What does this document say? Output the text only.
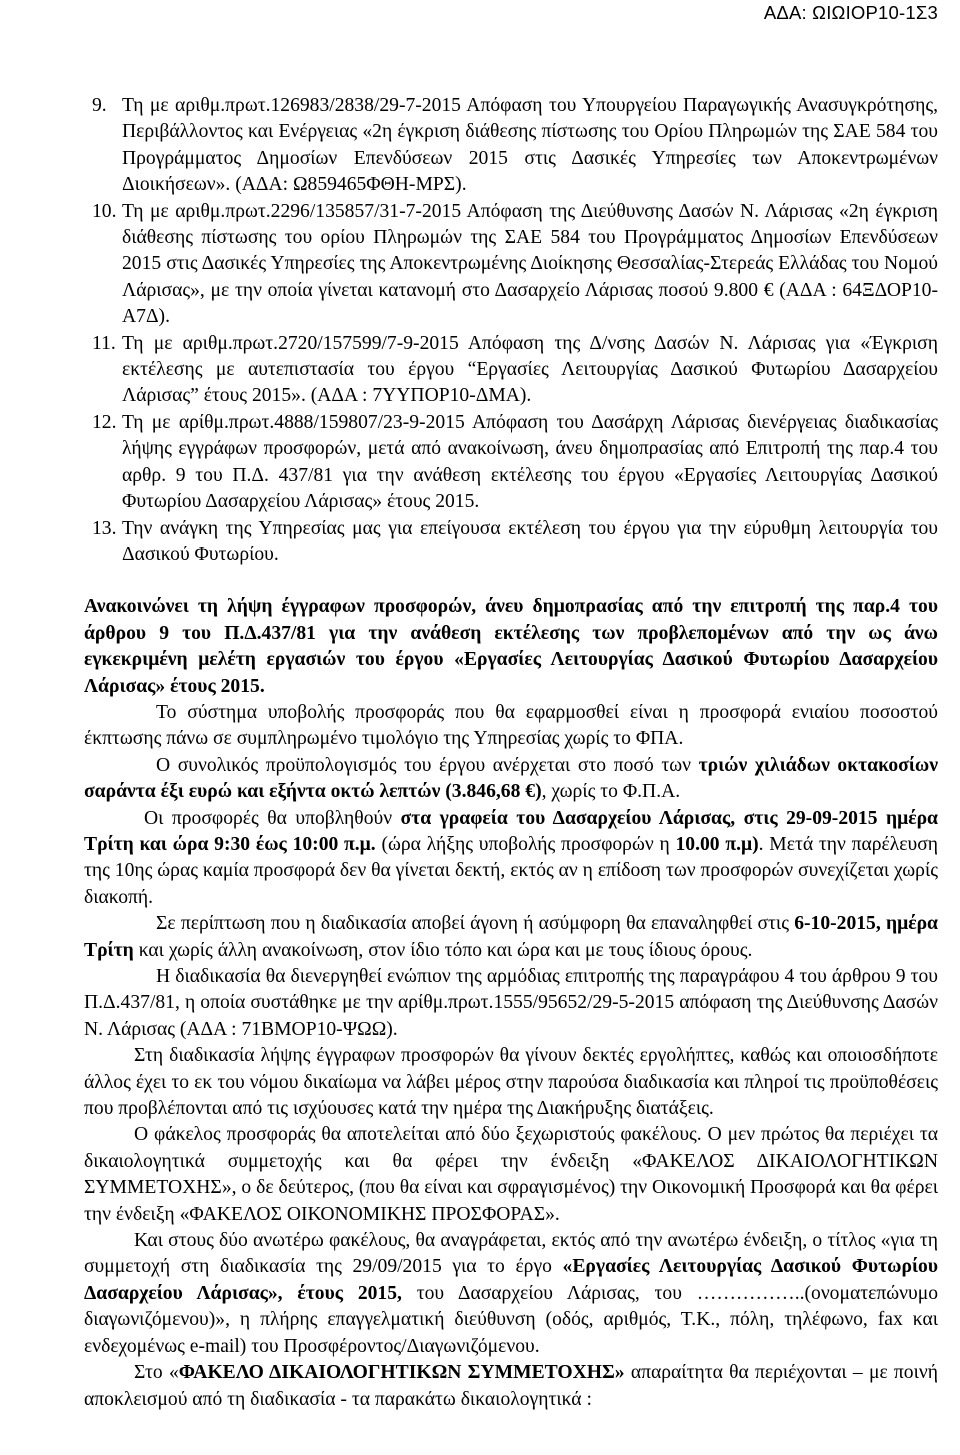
ΑΔΑ: ΩΙΩΙΟΡ10-1Σ3

9. Τη με αριθμ.πρωτ.126983/2838/29-7-2015 Απόφαση του Υπουργείου Παραγωγικής Ανασυγκρότησης, Περιβάλλοντος και Ενέργειας «2η έγκριση διάθεσης πίστωσης του Ορίου Πληρωμών της ΣΑΕ 584 του Προγράμματος Δημοσίων Επενδύσεων 2015 στις Δασικές Υπηρεσίες των Αποκεντρωμένων Διοικήσεων». (ΑΔΑ: Ω859465ΦΘΗ-ΜΡΣ).

10. Τη με αριθμ.πρωτ.2296/135857/31-7-2015 Απόφαση της Διεύθυνσης Δασών Ν. Λάρισας «2η έγκριση διάθεσης πίστωσης του ορίου Πληρωμών της ΣΑΕ 584 του Προγράμματος Δημοσίων Επενδύσεων 2015 στις Δασικές Υπηρεσίες της Αποκεντρωμένης Διοίκησης Θεσσαλίας-Στερεάς Ελλάδας του Νομού Λάρισας», με την οποία γίνεται κατανομή στο Δασαρχείο Λάρισας ποσού 9.800 € (ΑΔΑ : 64ΞΔΟΡ10-Α7Δ).

11. Τη με αριθμ.πρωτ.2720/157599/7-9-2015 Απόφαση της Δ/νσης Δασών Ν. Λάρισας για «Έγκριση εκτέλεσης με αυτεπιστασία του έργου “Εργασίες Λειτουργίας Δασικού Φυτωρίου Δασαρχείου Λάρισας” έτους 2015». (ΑΔΑ : 7ΥΥΠΟΡ10-ΔΜΑ).

12. Τη με αρίθμ.πρωτ.4888/159807/23-9-2015 Απόφαση του Δασάρχη Λάρισας διενέργειας διαδικασίας λήψης εγγράφων προσφορών, μετά από ανακοίνωση, άνευ δημοπρασίας από Επιτροπή της παρ.4 του αρθρ. 9 του Π.Δ. 437/81 για την ανάθεση εκτέλεσης του έργου «Εργασίες Λειτουργίας Δασικού Φυτωρίου Δασαρχείου Λάρισας» έτους 2015.

13. Την ανάγκη της Υπηρεσίας μας για επείγουσα εκτέλεση του έργου για την εύρυθμη λειτουργία του Δασικού Φυτωρίου.

Ανακοινώνει τη λήψη έγγραφων προσφορών, άνευ δημοπρασίας από την επιτροπή της παρ.4 του άρθρου 9 του Π.Δ.437/81 για την ανάθεση εκτέλεσης των προβλεπομένων από την ως άνω εγκεκριμένη μελέτη εργασιών του έργου «Εργασίες Λειτουργίας Δασικού Φυτωρίου Δασαρχείου Λάρισας» έτους 2015.

Το σύστημα υποβολής προσφοράς που θα εφαρμοσθεί είναι η προσφορά ενιαίου ποσοστού έκπτωσης πάνω σε συμπληρωμένο τιμολόγιο της Υπηρεσίας χωρίς το ΦΠΑ.

Ο συνολικός προϋπολογισμός του έργου ανέρχεται στο ποσό των τριών χιλιάδων οκτακοσίων σαράντα έξι ευρώ και εξήντα οκτώ λεπτών (3.846,68 €), χωρίς το Φ.Π.Α.

Οι προσφορές θα υποβληθούν στα γραφεία του Δασαρχείου Λάρισας, στις 29-09-2015 ημέρα Τρίτη και ώρα 9:30 έως 10:00 π.μ. (ώρα λήξης υποβολής προσφορών η 10.00 π.μ). Μετά την παρέλευση της 10ης ώρας καμία προσφορά δεν θα γίνεται δεκτή, εκτός αν η επίδοση των προσφορών συνεχίζεται χωρίς διακοπή.

Σε περίπτωση που η διαδικασία αποβεί άγονη ή ασύμφορη θα επαναληφθεί στις 6-10-2015, ημέρα Τρίτη και χωρίς άλλη ανακοίνωση, στον ίδιο τόπο και ώρα και με τους ίδιους όρους.

Η διαδικασία θα διενεργηθεί ενώπιον της αρμόδιας επιτροπής της παραγράφου 4 του άρθρου 9 του Π.Δ.437/81, η οποία συστάθηκε με την αρίθμ.πρωτ.1555/95652/29-5-2015 απόφαση της Διεύθυνσης Δασών Ν. Λάρισας (ΑΔΑ : 71ΒΜΟΡ10-ΨΩΩ).

Στη διαδικασία λήψης έγγραφων προσφορών θα γίνουν δεκτές εργολήπτες, καθώς και οποιοσδήποτε άλλος έχει το εκ του νόμου δικαίωμα να λάβει μέρος στην παρούσα διαδικασία και πληροί τις προϋποθέσεις που προβλέπονται από τις ισχύουσες κατά την ημέρα της Διακήρυξης διατάξεις.

Ο φάκελος προσφοράς θα αποτελείται από δύο ξεχωριστούς φακέλους. Ο μεν πρώτος θα περιέχει τα δικαιολογητικά συμμετοχής και θα φέρει την ένδειξη «ΦΑΚΕΛΟΣ ΔΙΚΑΙΟΛΟΓΗΤΙΚΩΝ ΣΥΜΜΕΤΟΧΗΣ», ο δε δεύτερος, (που θα είναι και σφραγισμένος) την Οικονομική Προσφορά και θα φέρει την ένδειξη «ΦΑΚΕΛΟΣ ΟΙΚΟΝΟΜΙΚΗΣ ΠΡΟΣΦΟΡΑΣ».

Και στους δύο ανωτέρω φακέλους, θα αναγράφεται, εκτός από την ανωτέρω ένδειξη, ο τίτλος «για τη συμμετοχή στη διαδικασία της 29/09/2015 για το έργο «Εργασίες Λειτουργίας Δασικού Φυτωρίου Δασαρχείου Λάρισας», έτους 2015, του Δασαρχείου Λάρισας, του ……………..(ονοματεπώνυμο διαγωνιζόμενου)», η πλήρης επαγγελματική διεύθυνση (οδός, αριθμός, Τ.Κ., πόλη, τηλέφωνο, fax και ενδεχομένως e-mail) του Προσφέροντος/Διαγωνιζόμενου.

Στο «ΦΑΚΕΛΟ ΔΙΚΑΙΟΛΟΓΗΤΙΚΩΝ ΣΥΜΜΕΤΟΧΗΣ» απαραίτητα θα περιέχονται – με ποινή αποκλεισμού από τη διαδικασία - τα παρακάτω δικαιολογητικά :
